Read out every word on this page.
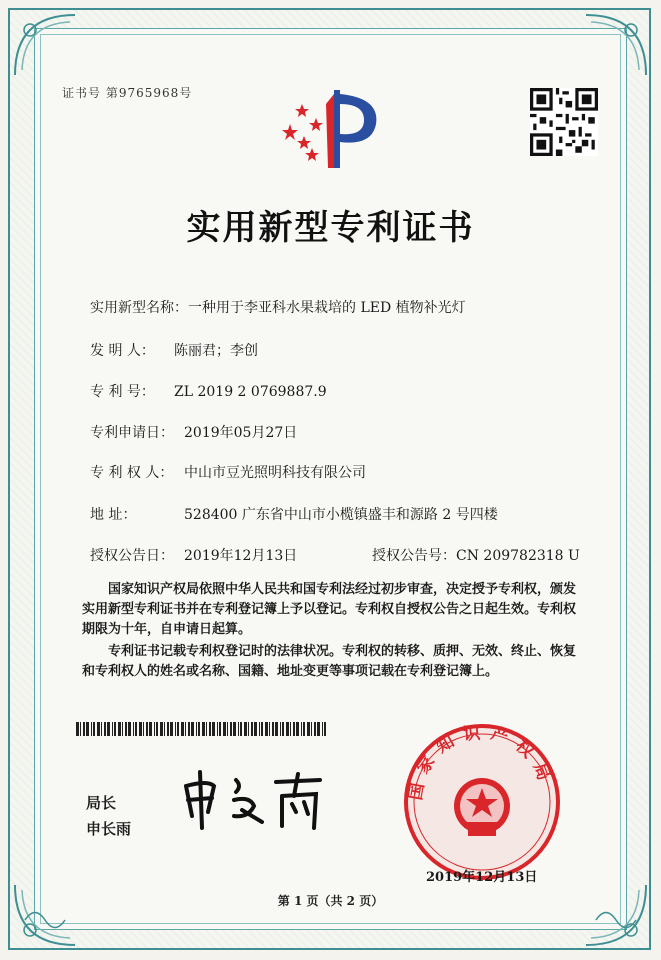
证书号 第9765968号
实用新型专利证书
实用新型名称：一种用于李亚科水果栽培的 LED 植物补光灯
发 明 人： 陈丽君；李创
专 利 号： ZL 2019 2 0769887.9
专利申请日： 2019年05月27日
专 利 权 人： 中山市豆光照明科技有限公司
地 址：	528400 广东省中山市小榄镇盛丰和源路 2 号四楼
授权公告日： 2019年12月13日	授权公告号：CN 209782318 U
国家知识产权局依照中华人民共和国专利法经过初步审查，决定授予专利权，颁发实用新型专利证书并在专利登记簿上予以登记。专利权自授权公告之日起生效。专利权期限为十年，自申请日起算。
专利证书记载专利权登记时的法律状况。专利权的转移、质押、无效、终止、恢复和专利权人的姓名或名称、国籍、地址变更等事项记载在专利登记簿上。
局长
申长雨
国家知识产权局
2019年12月13日
第 1 页（共 2 页）
